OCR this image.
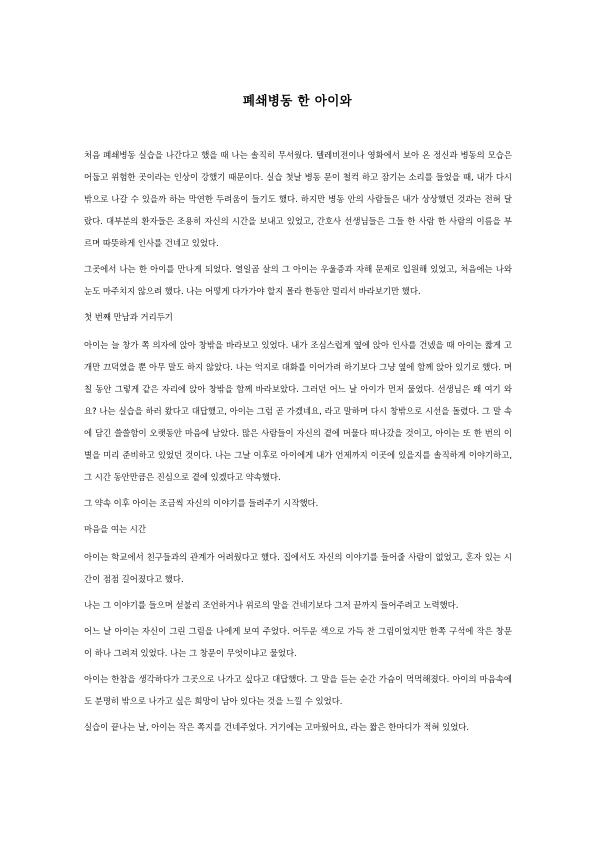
폐쇄병동 한 아이와

처음 폐쇄병동 실습을 나간다고 했을 때 나는 솔직히 무서웠다. 텔레비전이나 영화에서 보아 온 정신과 병동의 모습은 어둡고 위험한 곳이라는 인상이 강했기 때문이다. 실습 첫날 병동 문이 철컥 하고 잠기는 소리를 들었을 때, 내가 다시 밖으로 나갈 수 있을까 하는 막연한 두려움이 들기도 했다. 하지만 병동 안의 사람들은 내가 상상했던 것과는 전혀 달랐다. 대부분의 환자들은 조용히 자신의 시간을 보내고 있었고, 간호사 선생님들은 그들 한 사람 한 사람의 이름을 부르며 따뜻하게 인사를 건네고 있었다.

그곳에서 나는 한 아이를 만나게 되었다. 열일곱 살의 그 아이는 우울증과 자해 문제로 입원해 있었고, 처음에는 나와 눈도 마주치지 않으려 했다. 나는 어떻게 다가가야 할지 몰라 한동안 멀리서 바라보기만 했다.

첫 번째 만남과 거리두기

아이는 늘 창가 쪽 의자에 앉아 창밖을 바라보고 있었다. 내가 조심스럽게 옆에 앉아 인사를 건넸을 때 아이는 짧게 고개만 끄덕였을 뿐 아무 말도 하지 않았다. 나는 억지로 대화를 이어가려 하기보다 그냥 옆에 함께 앉아 있기로 했다. 며칠 동안 그렇게 같은 자리에 앉아 창밖을 함께 바라보았다. 그러던 어느 날 아이가 먼저 물었다. 선생님은 왜 여기 와요? 나는 실습을 하러 왔다고 대답했고, 아이는 그럼 곧 가겠네요, 라고 말하며 다시 창밖으로 시선을 돌렸다. 그 말 속에 담긴 쓸쓸함이 오랫동안 마음에 남았다. 많은 사람들이 자신의 곁에 머물다 떠나갔을 것이고, 아이는 또 한 번의 이별을 미리 준비하고 있었던 것이다. 나는 그날 이후로 아이에게 내가 언제까지 이곳에 있을지를 솔직하게 이야기하고, 그 시간 동안만큼은 진심으로 곁에 있겠다고 약속했다.

그 약속 이후 아이는 조금씩 자신의 이야기를 들려주기 시작했다.

마음을 여는 시간

아이는 학교에서 친구들과의 관계가 어려웠다고 했다. 집에서도 자신의 이야기를 들어줄 사람이 없었고, 혼자 있는 시간이 점점 길어졌다고 했다.

나는 그 이야기를 들으며 섣불리 조언하거나 위로의 말을 건네기보다 그저 끝까지 들어주려고 노력했다.

어느 날 아이는 자신이 그린 그림을 나에게 보여 주었다. 어두운 색으로 가득 찬 그림이었지만 한쪽 구석에 작은 창문이 하나 그려져 있었다. 나는 그 창문이 무엇이냐고 물었다.

아이는 한참을 생각하다가 그곳으로 나가고 싶다고 대답했다. 그 말을 듣는 순간 가슴이 먹먹해졌다. 아이의 마음속에도 분명히 밖으로 나가고 싶은 희망이 남아 있다는 것을 느낄 수 있었다.

실습이 끝나는 날, 아이는 작은 쪽지를 건네주었다. 거기에는 고마웠어요, 라는 짧은 한마디가 적혀 있었다.
